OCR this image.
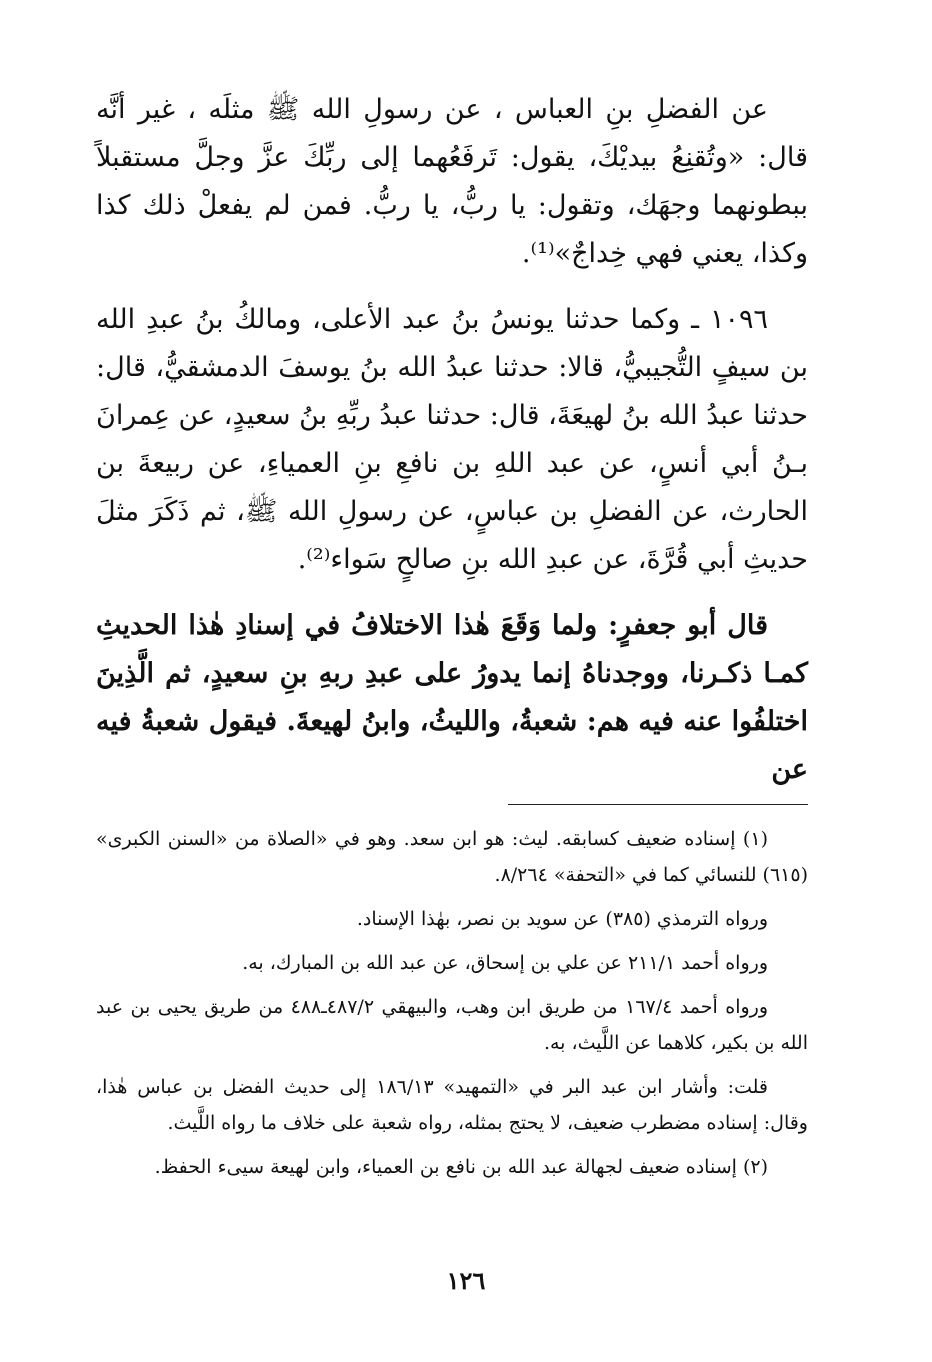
عن الفضلِ بنِ العباس ، عن رسولِ الله ﷺ مثلَه ، غير أنَّه قال: «وتُقنِعُ بيديْكَ، يقول: تَرفَعُهما إلى ربِّكَ عزَّ وجلَّ مستقبلاً ببطونهما وجهَك، وتقول: يا ربُّ، يا ربُّ. فمن لم يفعلْ ذلك كذا وكذا، يعني فهي خِداجٌ»⁽¹⁾.

١٠٩٦ ـ وكما حدثنا يونسُ بنُ عبد الأعلى، ومالكُ بنُ عبدِ الله بن سيفٍ التُّجيبيُّ، قالا: حدثنا عبدُ الله بنُ يوسفَ الدمشقيُّ، قال: حدثنا عبدُ الله بنُ لهيعَةَ، قال: حدثنا عبدُ ربِّهِ بنُ سعيدٍ، عن عِمرانَ بـنُ أبي أنسٍ، عن عبد اللهِ بن نافعِ بنِ العمياءِ، عن ربيعةَ بن الحارث، عن الفضلِ بن عباسٍ، عن رسولِ الله ﷺ، ثم ذَكَرَ مثلَ حديثِ أبي قُرَّةَ، عن عبدِ الله بنِ صالحٍ سَواء⁽²⁾.

قال أبو جعفرٍ: ولما وَقَعَ هٰذا الاختلافُ في إسنادِ هٰذا الحديثِ كمـا ذكـرنا، ووجدناهُ إنما يدورُ على عبدِ ربهِ بنِ سعيدٍ، ثم الَّذِينَ اختلفُوا عنه فيه هم: شعبةُ، والليثُ، وابنُ لهيعةَ. فيقول شعبةُ فيه عن

(١) إسناده ضعيف كسابقه. ليث: هو ابن سعد. وهو في «الصلاة من «السنن الكبرى» (٦١٥) للنسائي كما في «التحفة» ٨/٢٦٤.

ورواه الترمذي (٣٨٥) عن سويد بن نصر، بهٰذا الإسناد.

ورواه أحمد ٢١١/١ عن علي بن إسحاق، عن عبد الله بن المبارك، به.

ورواه أحمد ١٦٧/٤ من طريق ابن وهب، والبيهقي ٤٨٧/٢ـ٤٨٨ من طريق يحيى بن عبد الله بن بكير، كلاهما عن اللَّيث، به.

قلت: وأشار ابن عبد البر في «التمهيد» ١٨٦/١٣ إلى حديث الفضل بن عباس هٰذا، وقال: إسناده مضطرب ضعيف، لا يحتج بمثله، رواه شعبة على خلاف ما رواه اللَّيث.

(٢) إسناده ضعيف لجهالة عبد الله بن نافع بن العمياء، وابن لهيعة سيىء الحفظ.

١٢٦
